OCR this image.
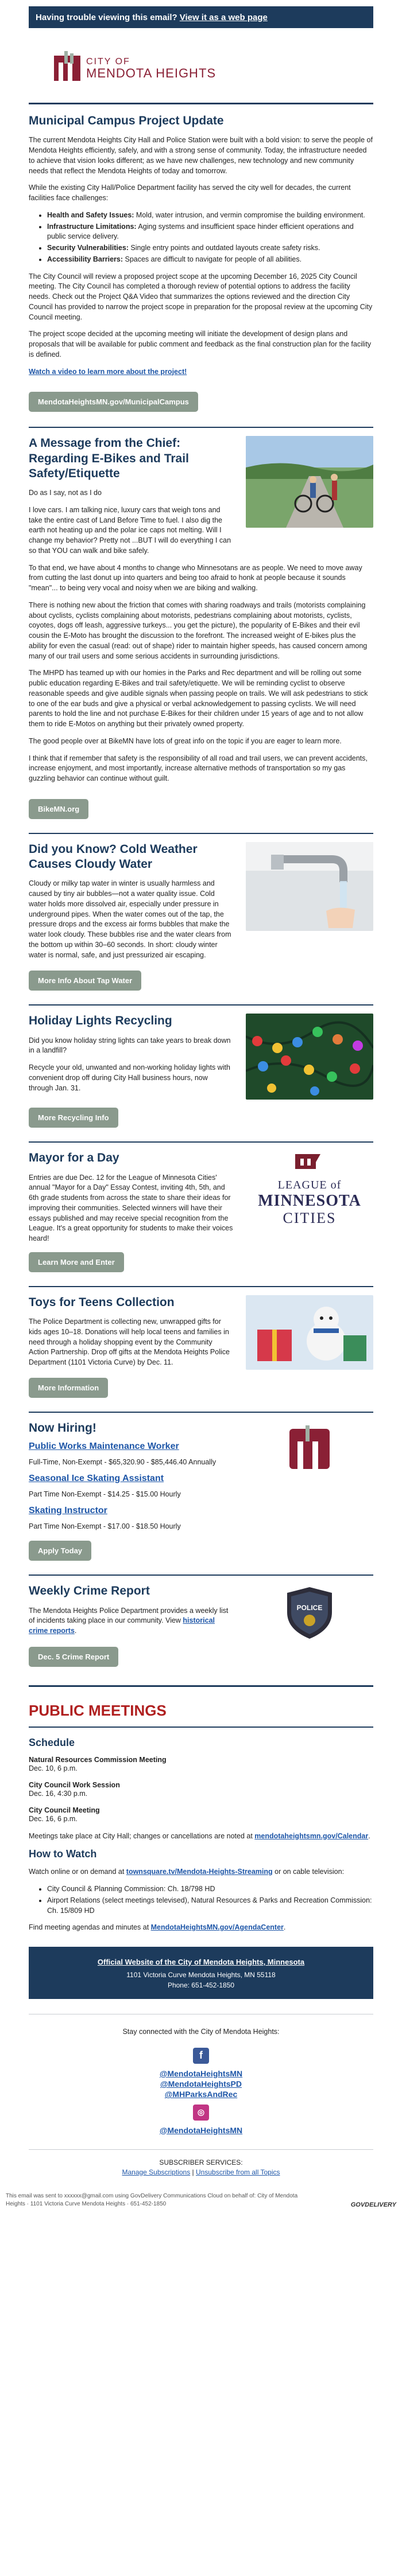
Having trouble viewing this email? View it as a web page
CITY OF
MENDOTA HEIGHTS
Municipal Campus Project Update

The current Mendota Heights City Hall and Police Station were built with a bold vision: to serve the people of Mendota Heights efficiently, safely, and with a strong sense of community. Today, the infrastructure needed to achieve that vision looks different; as we have new challenges, new technology and new community needs that reflect the Mendota Heights of today and tomorrow.

While the existing City Hall/Police Department facility has served the city well for decades, the current facilities face challenges:

• Health and Safety Issues: Mold, water intrusion, and vermin compromise the building environment.
• Infrastructure Limitations: Aging systems and insufficient space hinder efficient operations and public service delivery.
• Security Vulnerabilities: Single entry points and outdated layouts create safety risks.
• Accessibility Barriers: Spaces are difficult to navigate for people of all abilities.

The City Council will review a proposed project scope at the upcoming December 16, 2025 City Council meeting. The City Council has completed a thorough review of potential options to address the facility needs. Check out the Project Q&A Video that summarizes the options reviewed and the direction City Council has provided to narrow the project scope in preparation for the proposal review at the upcoming City Council meeting.

The project scope decided at the upcoming meeting will initiate the development of design plans and proposals that will be available for public comment and feedback as the final construction plan for the facility is defined.

Watch a video to learn more about the project!

MendotaHeightsMN.gov/MunicipalCampus
A Message from the Chief: Regarding E-Bikes and Trail Safety/Etiquette

Do as I say, not as I do

I love cars. I am talking nice, luxury cars that weigh tons and take the entire cast of Land Before Time to fuel. I also dig the earth not heating up and the polar ice caps not melting. Will I change my behavior? Pretty not ...BUT I will do everything I can so that YOU can walk and bike safely.

To that end, we have about 4 months to change who Minnesotans are as people. We need to move away from cutting the last donut up into quarters and being too afraid to honk at people because it sounds "mean"... to being very vocal and noisy when we are biking and walking.

There is nothing new about the friction that comes with sharing roadways and trails (motorists complaining about cyclists, cyclists complaining about motorists, pedestrians complaining about motorists, cyclists, coyotes, dogs off leash, aggressive turkeys... you get the picture), the popularity of E-Bikes and their evil cousin the E-Moto has brought the discussion to the forefront. The increased weight of E-bikes plus the ability for even the casual (read: out of shape) rider to maintain higher speeds, has caused concern among many of our trail users and some serious accidents in surrounding jurisdictions.

The MHPD has teamed up with our homies in the Parks and Rec department and will be rolling out some public education regarding E-Bikes and trail safety/etiquette. We will be reminding cyclist to observe reasonable speeds and give audible signals when passing people on trails. We will ask pedestrians to stick to one of the ear buds and give a physical or verbal acknowledgement to passing cyclists. We will need parents to hold the line and not purchase E-Bikes for their children under 15 years of age and to not allow them to ride E-Motos on anything but their privately owned property.

The good people over at BikeMN have lots of great info on the topic if you are eager to learn more.

I think that if remember that safety is the responsibility of all road and trail users, we can prevent accidents, increase enjoyment, and most importantly, increase alternative methods of transportation so my gas guzzling behavior can continue without guilt.

BikeMN.org
Did you Know? Cold Weather Causes Cloudy Water

Cloudy or milky tap water in winter is usually harmless and caused by tiny air bubbles—not a water quality issue. Cold water holds more dissolved air, especially under pressure in underground pipes. When the water comes out of the tap, the pressure drops and the excess air forms bubbles that make the water look cloudy. These bubbles rise and the water clears from the bottom up within 30–60 seconds. In short: cloudy winter water is normal, safe, and just pressurized air escaping.

More Info About Tap Water
Holiday Lights Recycling

Did you know holiday string lights can take years to break down in a landfill?

Recycle your old, unwanted and non-working holiday lights with convenient drop off during City Hall business hours, now through Jan. 31.

More Recycling Info
Mayor for a Day

Entries are due Dec. 12 for the League of Minnesota Cities' annual "Mayor for a Day" Essay Contest, inviting 4th, 5th, and 6th grade students from across the state to share their ideas for improving their communities. Selected winners will have their essays published and may receive special recognition from the League. It's a great opportunity for students to make their voices heard!

LEAGUE of
MINNESOTA
CITIES
Learn More and Enter
Toys for Teens Collection

The Police Department is collecting new, unwrapped gifts for kids ages 10–18. Donations will help local teens and families in need through a holiday shopping event by the Community Action Partnership. Drop off gifts at the Mendota Heights Police Department (1101 Victoria Curve) by Dec. 11.

More Information
Now Hiring!
Public Works Maintenance Worker

Full-Time, Non-Exempt - $65,320.90 - $85,446.40 Annually

Seasonal Ice Skating Assistant

Part Time Non-Exempt - $14.25 - $15.00 Hourly

Skating Instructor

Part Time Non-Exempt - $17.00 - $18.50 Hourly

Apply Today
Weekly Crime Report

The Mendota Heights Police Department provides a weekly list of incidents taking place in our community. View historical crime reports.

POLICE
Dec. 5 Crime Report
PUBLIC MEETINGS
Schedule
Natural Resources Commission Meeting

Dec. 10, 6 p.m.

City Council Work Session

Dec. 16, 4:30 p.m.

City Council Meeting

Dec. 16, 6 p.m.

Meetings take place at City Hall; changes or cancellations are noted at mendotaheightsmn.gov/Calendar.

How to Watch

Watch online or on demand at townsquare.tv/Mendota-Heights-Streaming or on cable television:

• City Council & Planning Commission: Ch. 18/798 HD
• Airport Relations (select meetings televised), Natural Resources & Parks and Recreation Commission: Ch. 15/809 HD

Find meeting agendas and minutes at MendotaHeightsMN.gov/AgendaCenter.

Official Website of the City of Mendota Heights, Minnesota

1101 Victoria Curve Mendota Heights, MN 55118

Phone: 651-452-1850

Stay connected with the City of Mendota Heights:

f
@MendotaHeightsMN
@MendotaHeightsPD
@MHParksAndRec
◎
@MendotaHeightsMN

SUBSCRIBER SERVICES:

Manage Subscriptions | Unsubscribe from all Topics

This email was sent to xxxxxx@gmail.com using GovDelivery Communications Cloud on behalf of: City of Mendota Heights · 1101 Victoria Curve Mendota Heights · 651-452-1850	GOVDELIVERY
